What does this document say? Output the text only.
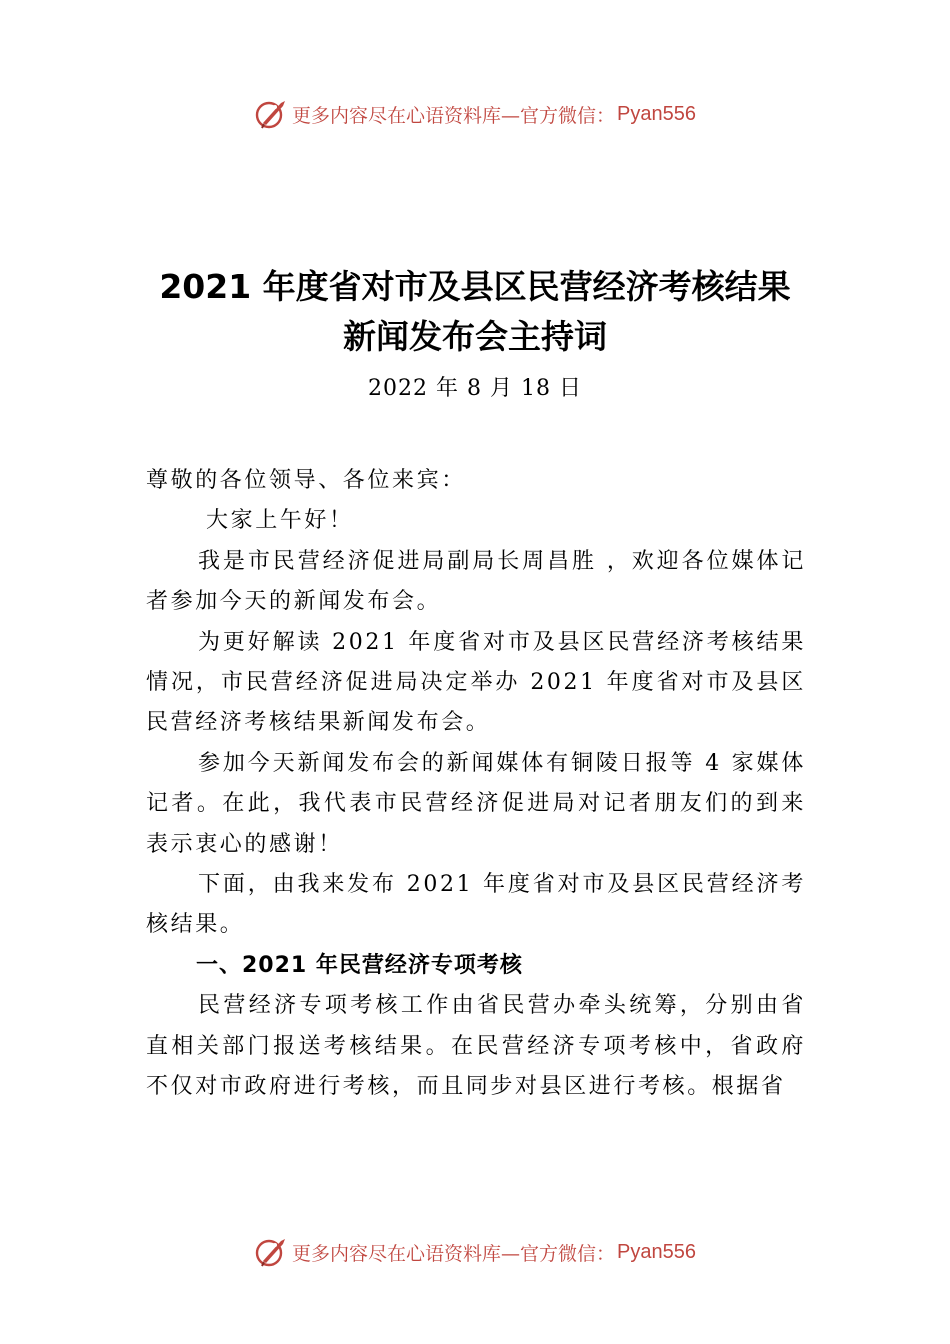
更多内容尽在心语资料库—官方微信： Pyan556
2021 年度省对市及县区民营经济考核结果
新闻发布会主持词
2022 年 8 月 18 日

尊敬的各位领导、各位来宾：

大家上午好！

我是市民营经济促进局副局长周昌胜 ，欢迎各位媒体记者参加今天的新闻发布会。

为更好解读 2021 年度省对市及县区民营经济考核结果情况，市民营经济促进局决定举办 2021 年度省对市及县区民营经济考核结果新闻发布会。

参加今天新闻发布会的新闻媒体有铜陵日报等 4 家媒体记者。在此，我代表市民营经济促进局对记者朋友们的到来表示衷心的感谢！

下面，由我来发布 2021 年度省对市及县区民营经济考核结果。

一、2021 年民营经济专项考核

民营经济专项考核工作由省民营办牵头统筹，分别由省直相关部门报送考核结果。在民营经济专项考核中，省政府不仅对市政府进行考核，而且同步对县区进行考核。根据省

更多内容尽在心语资料库—官方微信： Pyan556
